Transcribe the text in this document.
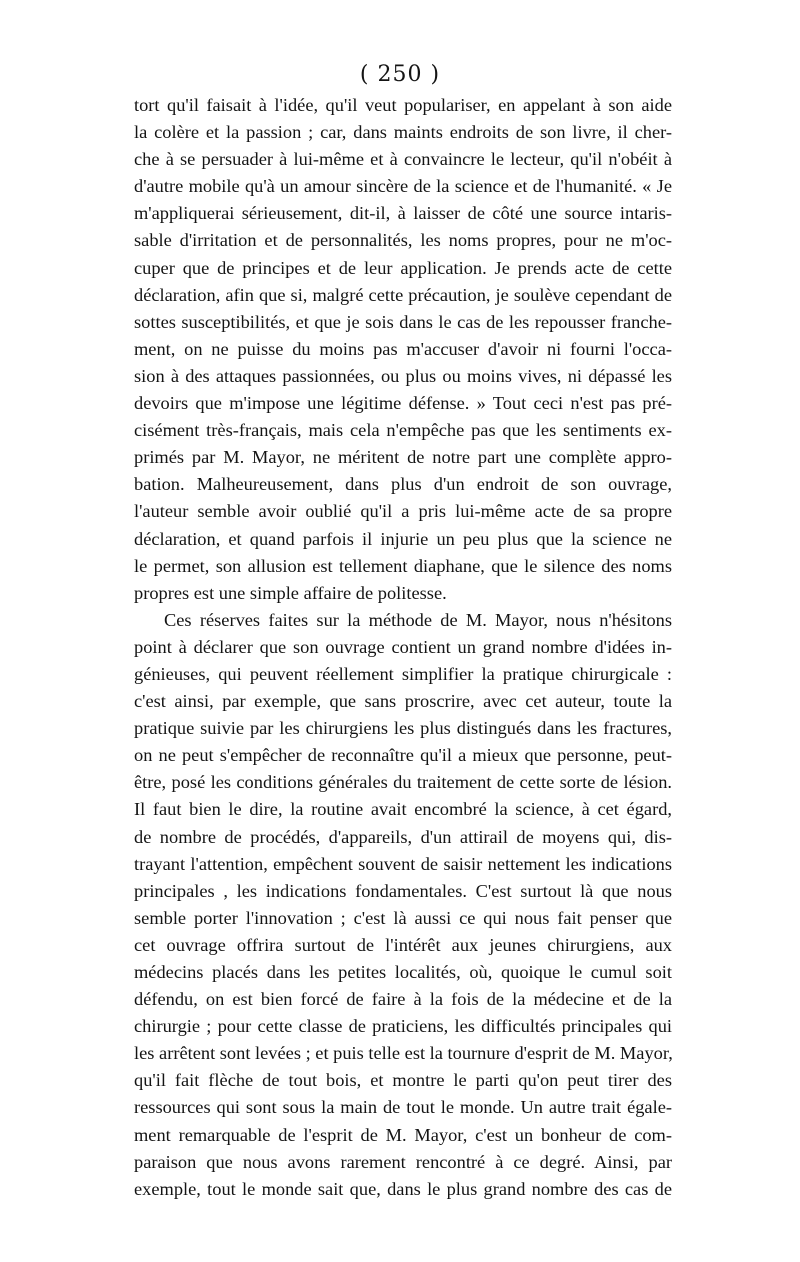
( 250 )
tort qu'il faisait à l'idée, qu'il veut populariser, en appelant à son aide
la colère et la passion ; car, dans maints endroits de son livre, il cher-
che à se persuader à lui-même et à convaincre le lecteur, qu'il n'obéit à
d'autre mobile qu'à un amour sincère de la science et de l'humanité. « Je
m'appliquerai sérieusement, dit-il, à laisser de côté une source intaris-
sable d'irritation et de personnalités, les noms propres, pour ne m'oc-
cuper que de principes et de leur application. Je prends acte de cette
déclaration, afin que si, malgré cette précaution, je soulève cependant de
sottes susceptibilités, et que je sois dans le cas de les repousser franche-
ment, on ne puisse du moins pas m'accuser d'avoir ni fourni l'occa-
sion à des attaques passionnées, ou plus ou moins vives, ni dépassé les
devoirs que m'impose une légitime défense. » Tout ceci n'est pas pré-
cisément très-français, mais cela n'empêche pas que les sentiments ex-
primés par M. Mayor, ne méritent de notre part une complète appro-
bation. Malheureusement, dans plus d'un endroit de son ouvrage,
l'auteur semble avoir oublié qu'il a pris lui-même acte de sa propre
déclaration, et quand parfois il injurie un peu plus que la science ne
le permet, son allusion est tellement diaphane, que le silence des noms
propres est une simple affaire de politesse.
Ces réserves faites sur la méthode de M. Mayor, nous n'hésitons
point à déclarer que son ouvrage contient un grand nombre d'idées in-
génieuses, qui peuvent réellement simplifier la pratique chirurgicale :
c'est ainsi, par exemple, que sans proscrire, avec cet auteur, toute la
pratique suivie par les chirurgiens les plus distingués dans les fractures,
on ne peut s'empêcher de reconnaître qu'il a mieux que personne, peut-
être, posé les conditions générales du traitement de cette sorte de lésion.
Il faut bien le dire, la routine avait encombré la science, à cet égard,
de nombre de procédés, d'appareils, d'un attirail de moyens qui, dis-
trayant l'attention, empêchent souvent de saisir nettement les indications
principales , les indications fondamentales. C'est surtout là que nous
semble porter l'innovation ; c'est là aussi ce qui nous fait penser que
cet ouvrage offrira surtout de l'intérêt aux jeunes chirurgiens, aux
médecins placés dans les petites localités, où, quoique le cumul soit
défendu, on est bien forcé de faire à la fois de la médecine et de la
chirurgie ; pour cette classe de praticiens, les difficultés principales qui
les arrêtent sont levées ; et puis telle est la tournure d'esprit de M. Mayor,
qu'il fait flèche de tout bois, et montre le parti qu'on peut tirer des
ressources qui sont sous la main de tout le monde. Un autre trait égale-
ment remarquable de l'esprit de M. Mayor, c'est un bonheur de com-
paraison que nous avons rarement rencontré à ce degré. Ainsi, par
exemple, tout le monde sait que, dans le plus grand nombre des cas de
